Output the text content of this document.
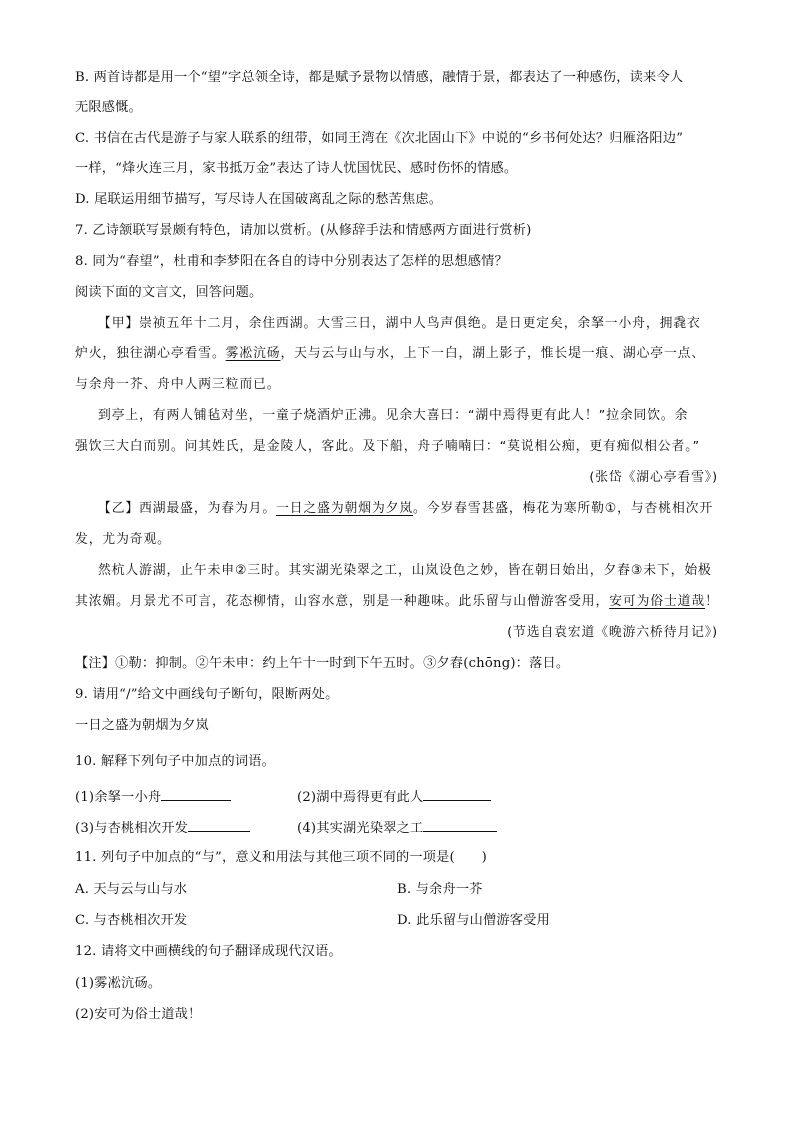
B. 两首诗都是用一个“望”字总领全诗，都是赋予景物以情感，融情于景，都表达了一种感伤，读来令人
无限感慨。
C. 书信在古代是游子与家人联系的纽带，如同王湾在《次北固山下》中说的“乡书何处达？归雁洛阳边”
一样，“烽火连三月，家书抵万金”表达了诗人忧国忧民、感时伤怀的情感。
D. 尾联运用细节描写，写尽诗人在国破离乱之际的愁苦焦虑。
7. 乙诗颔联写景颇有特色，请加以赏析。(从修辞手法和情感两方面进行赏析)
8. 同为“春望”，杜甫和李梦阳在各自的诗中分别表达了怎样的思想感情？
阅读下面的文言文，回答问题。
【甲】崇祯五年十二月，余住西湖。大雪三日，湖中人鸟声俱绝。是日更定矣，余拏一小舟，拥毳衣
炉火，独往湖心亭看雪。雾凇沆砀，天与云与山与水，上下一白，湖上影子，惟长堤一痕、湖心亭一点、
与余舟一芥、舟中人两三粒而已。
到亭上，有两人铺毡对坐，一童子烧酒炉正沸。见余大喜曰：“湖中焉得更有此人！”拉余同饮。余
强饮三大白而别。问其姓氏，是金陵人，客此。及下船，舟子喃喃曰：“莫说相公痴，更有痴似相公者。”
(张岱《湖心亭看雪》)
【乙】西湖最盛，为春为月。一日之盛为朝烟为夕岚。今岁春雪甚盛，梅花为寒所勒①，与杏桃相次开
发，尤为奇观。
然杭人游湖，止午未申②三时。其实湖光染翠之工，山岚设色之妙，皆在朝日始出，夕舂③未下，始极
其浓媚。月景尤不可言，花态柳情，山容水意，别是一种趣味。此乐留与山僧游客受用，安可为俗士道哉！
(节选自袁宏道《晚游六桥待月记》)
【注】①勒：抑制。②午未申：约上午十一时到下午五时。③夕舂(chōng)：落日。
9. 请用“/”给文中画线句子断句，限断两处。
一日之盛为朝烟为夕岚
10. 解释下列句子中加点的词语。
(1)余拏一小舟	(2)湖中焉得更有此人
(3)与杏桃相次开发	(4)其实湖光染翠之工
11. 列句子中加点的“与”，意义和用法与其他三项不同的一项是(　　)
A. 天与云与山与水	B. 与余舟一芥
C. 与杏桃相次开发	D. 此乐留与山僧游客受用
12. 请将文中画横线的句子翻译成现代汉语。
(1)雾凇沆砀。
(2)安可为俗士道哉！
